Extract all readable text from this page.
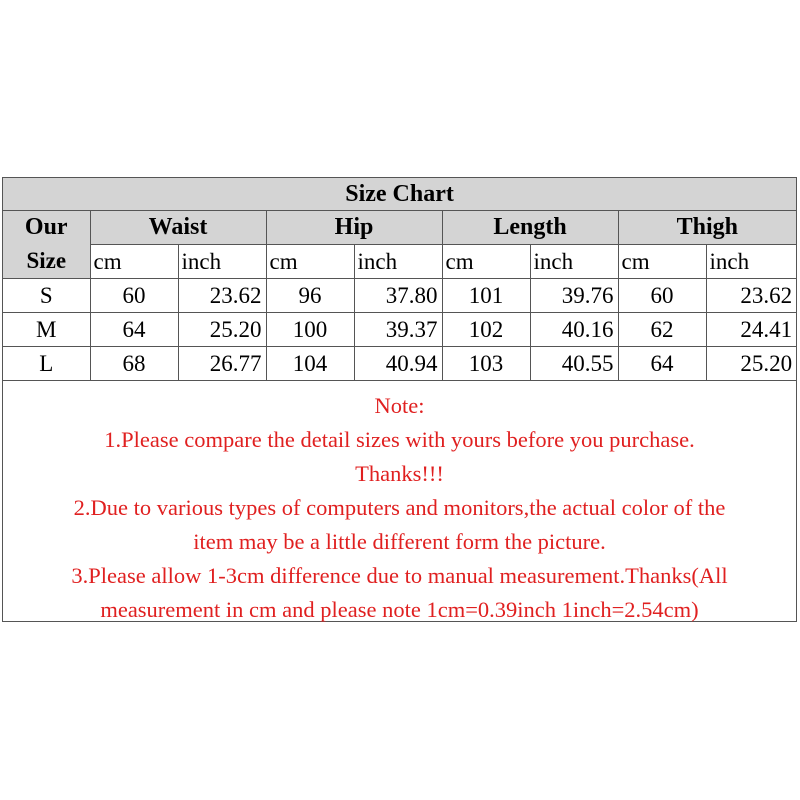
Size Chart								
Our	Waist		Hip		Length		Thigh	
Size	cm	inch	cm	inch	cm	inch	cm	inch
S	60	23.62	96	37.80	101	39.76	60	23.62
M	64	25.20	100	39.37	102	40.16	62	24.41
L	68	26.77	104	40.94	103	40.55	64	25.20
Note:
1.Please compare the detail sizes with yours before you purchase.
Thanks!!!
2.Due to various types of computers and monitors,the actual color of the
item may be a little different form the picture.
3.Please allow 1-3cm difference due to manual measurement.Thanks(All
measurement in cm and please note 1cm=0.39inch 1inch=2.54cm)
